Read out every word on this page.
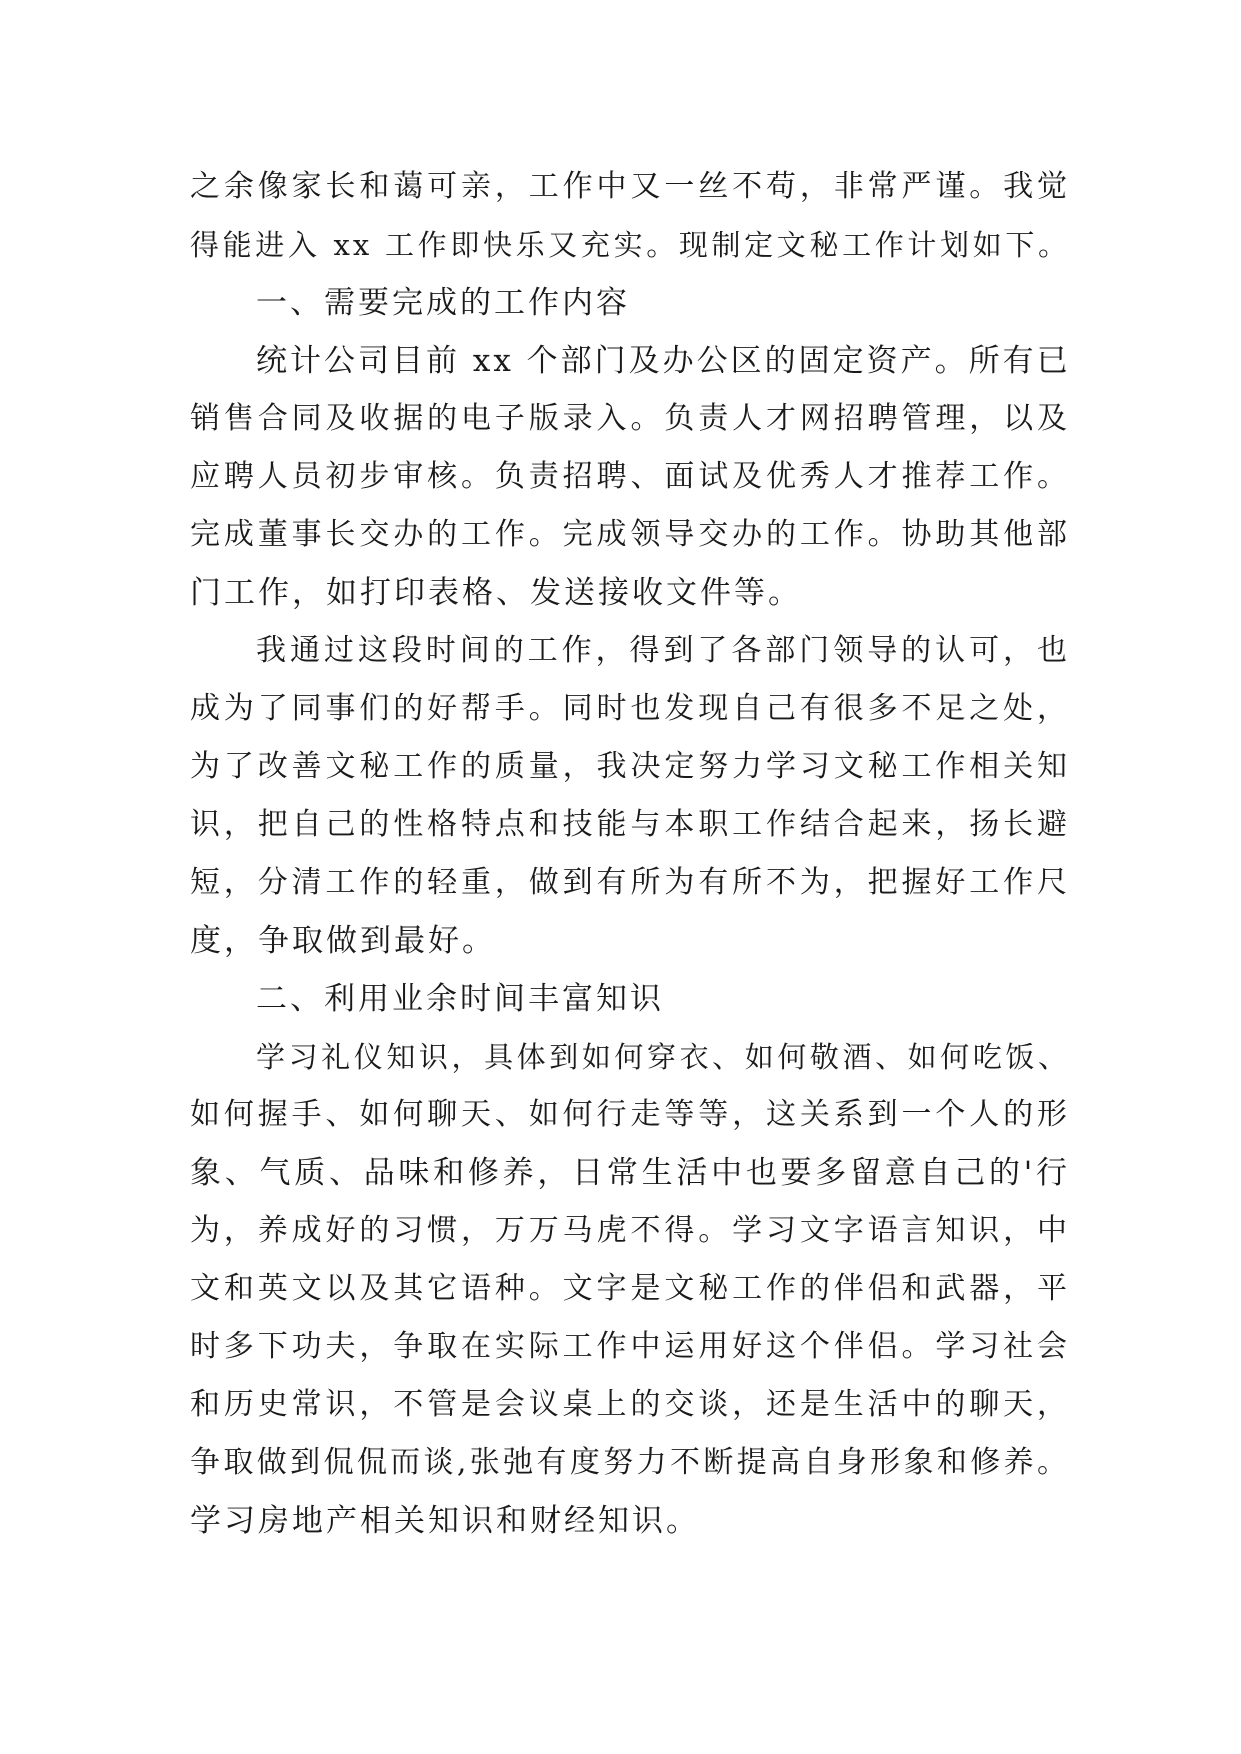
之余像家长和蔼可亲，工作中又一丝不苟，非常严谨。我觉
得能进入 xx 工作即快乐又充实。现制定文秘工作计划如下。
一、需要完成的工作内容
统计公司目前 xx 个部门及办公区的固定资产。所有已
销售合同及收据的电子版录入。负责人才网招聘管理，以及
应聘人员初步审核。负责招聘、面试及优秀人才推荐工作。
完成董事长交办的工作。完成领导交办的工作。协助其他部
门工作，如打印表格、发送接收文件等。
我通过这段时间的工作，得到了各部门领导的认可，也
成为了同事们的好帮手。同时也发现自己有很多不足之处，
为了改善文秘工作的质量，我决定努力学习文秘工作相关知
识，把自己的性格特点和技能与本职工作结合起来，扬长避
短，分清工作的轻重，做到有所为有所不为，把握好工作尺
度，争取做到最好。
二、利用业余时间丰富知识
学习礼仪知识，具体到如何穿衣、如何敬酒、如何吃饭、
如何握手、如何聊天、如何行走等等，这关系到一个人的形
象、气质、品味和修养，日常生活中也要多留意自己的'行
为，养成好的习惯，万万马虎不得。学习文字语言知识，中
文和英文以及其它语种。文字是文秘工作的伴侣和武器，平
时多下功夫，争取在实际工作中运用好这个伴侣。学习社会
和历史常识，不管是会议桌上的交谈，还是生活中的聊天，
争取做到侃侃而谈,张弛有度努力不断提高自身形象和修养。
学习房地产相关知识和财经知识。
